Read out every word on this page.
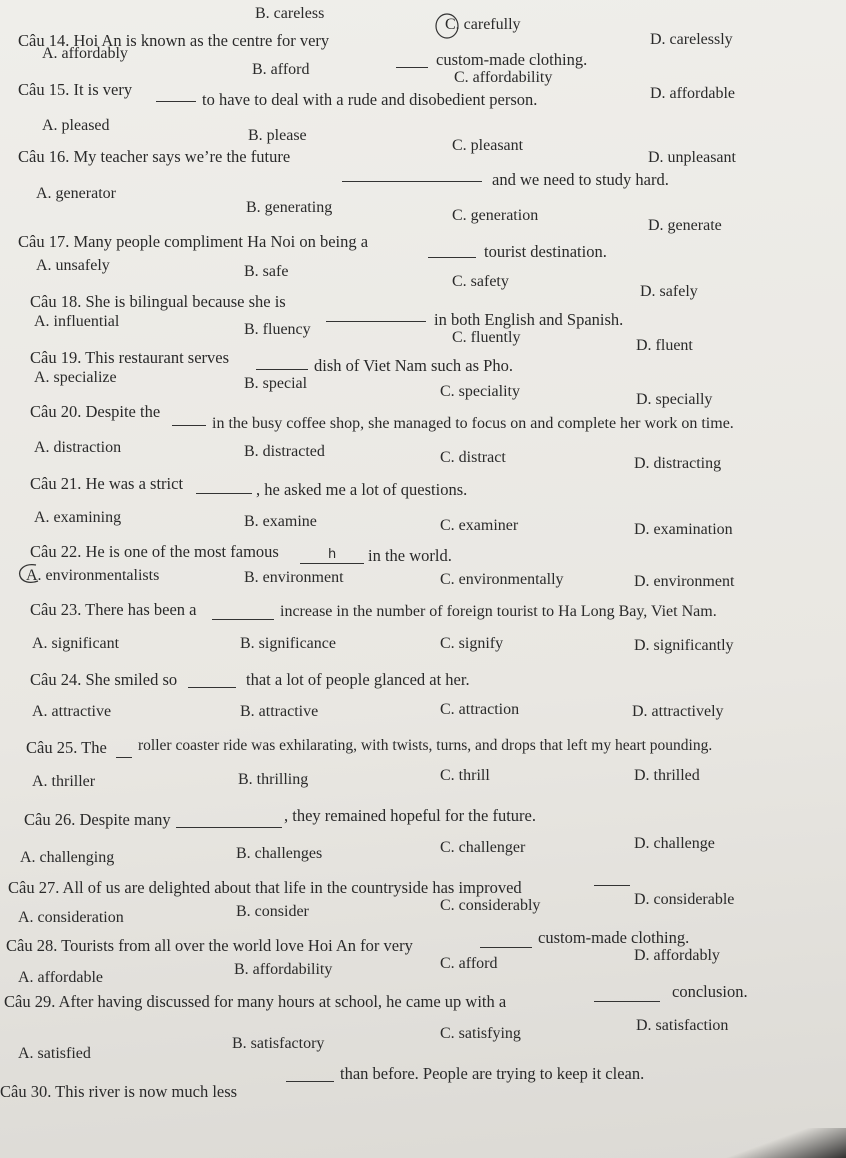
B. careless
C. carefully
D. carelessly
Câu 14. Hoi An is known as the centre for very
custom-made clothing.
A. affordably
B. afford	C. affordability
D. affordable
Câu 15. It is very
to have to deal with a rude and disobedient person.
A. pleased
B. please
C. pleasant
D. unpleasant
Câu 16. My teacher says we’re the future
and we need to study hard.
A. generator
B. generating	C. generation
D. generate
Câu 17. Many people compliment Ha Noi on being a
tourist destination.
A. unsafely	B. safe
C. safety
D. safely
Câu 18. She is bilingual because she is
in both English and Spanish.
A. influential	B. fluency	C. fluently	D. fluent
Câu 19. This restaurant serves	dish of Viet Nam such as Pho.
A. specialize	B. special	C. speciality	D. specially
Câu 20. Despite the
in the busy coffee shop, she managed to focus on and complete her work on time.
A. distraction	B. distracted	C. distract	D. distracting
Câu 21. He was a strict	, he asked me a lot of questions.
A. examining	B. examine	C. examiner	D. examination
Câu 22. He is one of the most famous	h in the world.
A. environmentalists	B. environment	C. environmentally	D. environment
Câu 23. There has been a	increase in the number of foreign tourist to Ha Long Bay, Viet Nam.
A. significant	B. significance	C. signify	D. significantly
Câu 24. She smiled so	that a lot of people glanced at her.
A. attractive	B. attractive	C. attraction	D. attractively
Câu 25. The roller coaster ride was exhilarating, with twists, turns, and drops that left my heart pounding.
A. thriller	B. thrilling	C. thrill	D. thrilled
Câu 26. Despite many	, they remained hopeful for the future.
A. challenging	B. challenges	C. challenger	D. challenge
Câu 27. All of us are delighted about that life in the countryside has improved
A. consideration	B. consider	C. considerably	D. considerable
Câu 28. Tourists from all over the world love Hoi An for very	custom-made clothing.
A. affordable	B. affordability	C. afford	D. affordably
Câu 29. After having discussed for many hours at school, he came up with a
conclusion.
A. satisfied
B. satisfactory
C. satisfying	D. satisfaction
Câu 30. This river is now much less
than before. People are trying to keep it clean.
